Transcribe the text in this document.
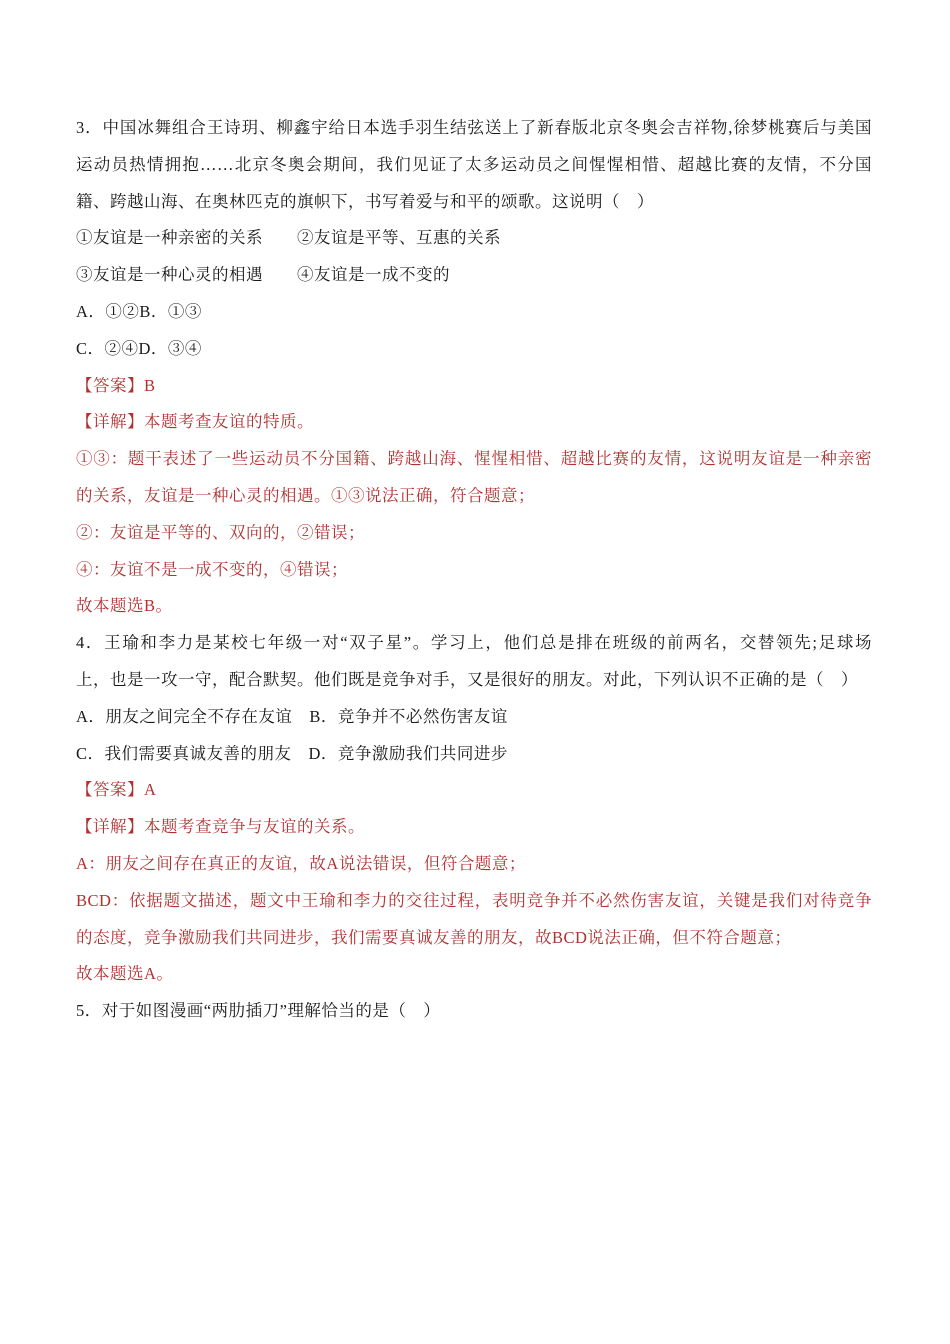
3．中国冰舞组合王诗玥、柳鑫宇给日本选手羽生结弦送上了新春版北京冬奥会吉祥物,徐梦桃赛后与美国

运动员热情拥抱……北京冬奥会期间，我们见证了太多运动员之间惺惺相惜、超越比赛的友情，不分国

籍、跨越山海、在奥林匹克的旗帜下，书写着爱与和平的颂歌。这说明（　）

①友谊是一种亲密的关系　　②友谊是平等、互惠的关系

③友谊是一种心灵的相遇　　④友谊是一成不变的

A．①②B．①③

C．②④D．③④

【答案】B

【详解】本题考查友谊的特质。

①③：题干表述了一些运动员不分国籍、跨越山海、惺惺相惜、超越比赛的友情，这说明友谊是一种亲密

的关系，友谊是一种心灵的相遇。①③说法正确，符合题意；

②：友谊是平等的、双向的，②错误；

④：友谊不是一成不变的，④错误；

故本题选B。

4．王瑜和李力是某校七年级一对“双子星”。学习上，他们总是排在班级的前两名，交替领先;足球场

上，也是一攻一守，配合默契。他们既是竞争对手，又是很好的朋友。对此，下列认识不正确的是（　）

A．朋友之间完全不存在友谊　B．竞争并不必然伤害友谊

C．我们需要真诚友善的朋友　D．竞争激励我们共同进步

【答案】A

【详解】本题考查竞争与友谊的关系。

A：朋友之间存在真正的友谊，故A说法错误，但符合题意；

BCD：依据题文描述，题文中王瑜和李力的交往过程，表明竞争并不必然伤害友谊，关键是我们对待竞争

的态度，竞争激励我们共同进步，我们需要真诚友善的朋友，故BCD说法正确，但不符合题意；

故本题选A。

5．对于如图漫画“两肋插刀”理解恰当的是（　）
